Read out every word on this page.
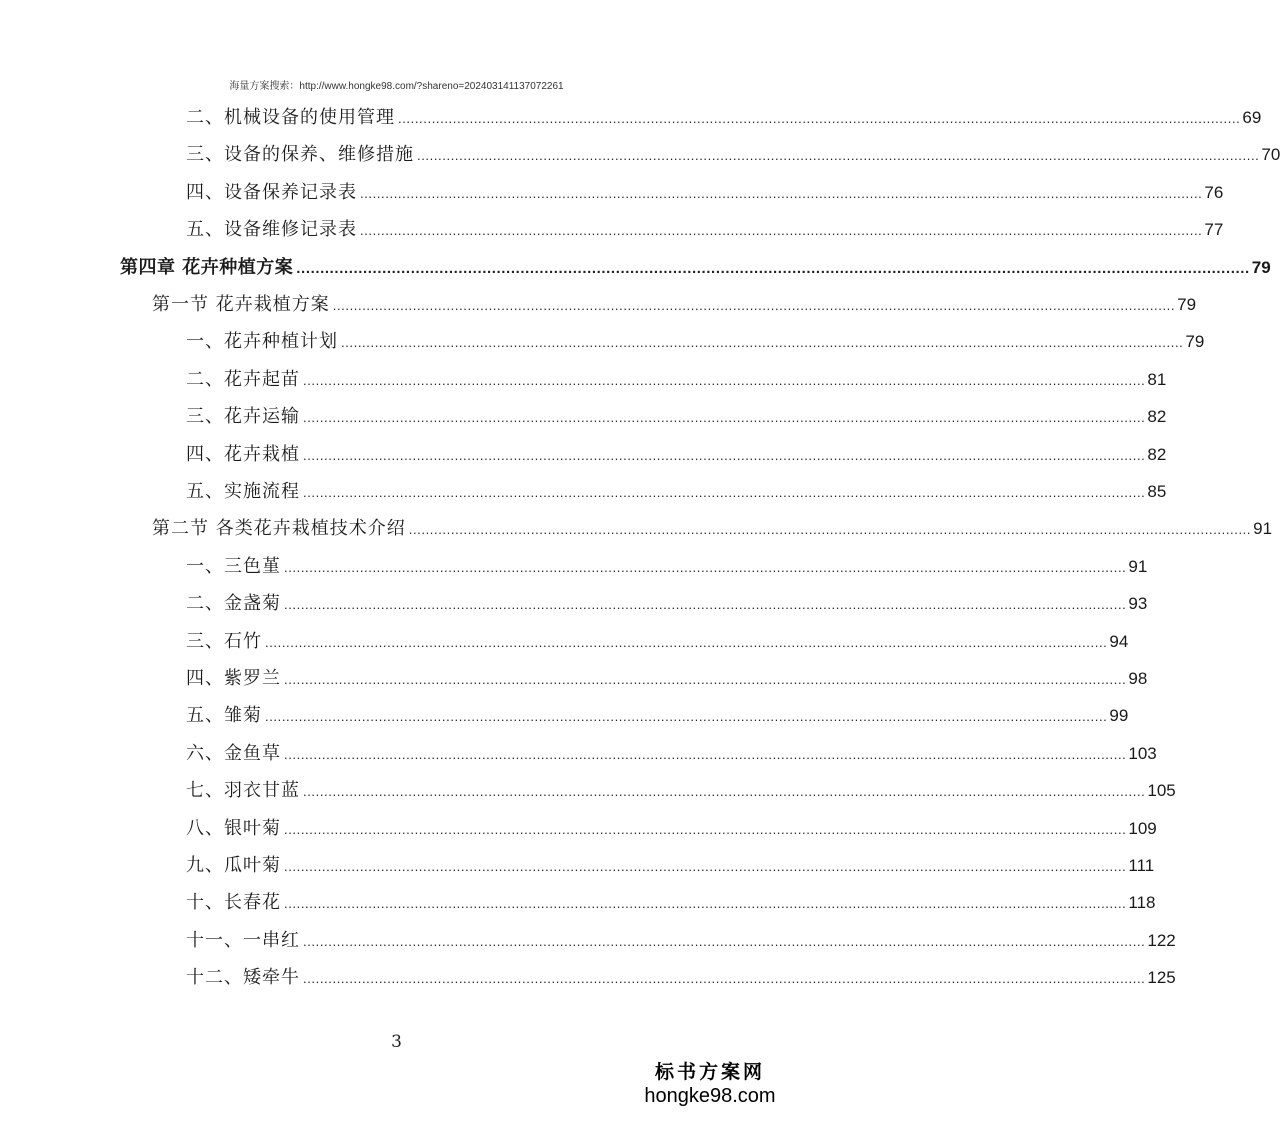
海量方案搜索：http://www.hongke98.com/?shareno=20240314113707226​1
二、机械设备的使用管理 ........................................................................................................................................................................................................ 69
三、设备的保养、维修措施 ........................................................................................................................................................................................................ 70
四、设备保养记录表 ........................................................................................................................................................................................................ 76
五、设备维修记录表 ........................................................................................................................................................................................................ 77
第四章 花卉种植方案 ........................................................................................................................................................................................................ 79
第一节 花卉栽植方案 ........................................................................................................................................................................................................ 79
一、花卉种植计划 ........................................................................................................................................................................................................ 79
二、花卉起苗 ........................................................................................................................................................................................................ 81
三、花卉运输 ........................................................................................................................................................................................................ 82
四、花卉栽植 ........................................................................................................................................................................................................ 82
五、实施流程 ........................................................................................................................................................................................................ 85
第二节 各类花卉栽植技术介绍 ........................................................................................................................................................................................................ 91
一、三色堇 ........................................................................................................................................................................................................ 91
二、金盏菊 ........................................................................................................................................................................................................ 93
三、石竹 ........................................................................................................................................................................................................ 94
四、紫罗兰 ........................................................................................................................................................................................................ 98
五、雏菊 ........................................................................................................................................................................................................ 99
六、金鱼草 ........................................................................................................................................................................................................ 103
七、羽衣甘蓝 ........................................................................................................................................................................................................ 105
八、银叶菊 ........................................................................................................................................................................................................ 109
九、瓜叶菊 ........................................................................................................................................................................................................ 111
十、长春花 ........................................................................................................................................................................................................ 118
十一、一串红 ........................................................................................................................................................................................................ 122
十二、矮牵牛 ........................................................................................................................................................................................................ 125
3
标书方案网
hongke98.com
